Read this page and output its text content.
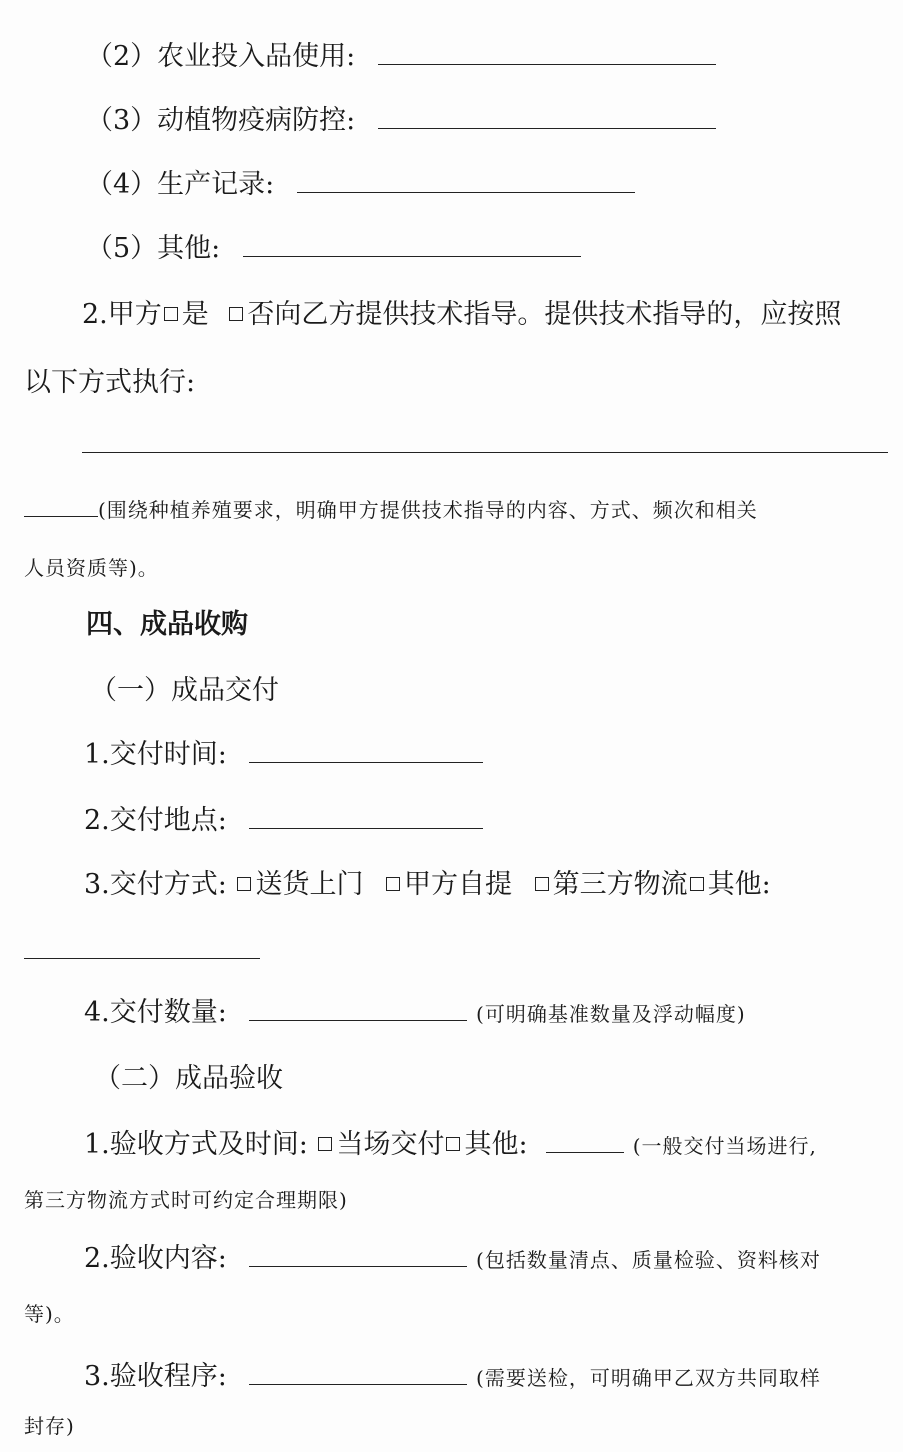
（2）农业投入品使用:
（3）动植物疫病防控:
（4）生产记录:
（5）其他:
2.甲方 是 否向乙方提供技术指导。提供技术指导的，应按照
以下方式执行:
(围绕种植养殖要求，明确甲方提供技术指导的内容、方式、频次和相关
人员资质等)。
四、成品收购
（一）成品交付
1.交付时间:
2.交付地点:
3.交付方式: 送货上门 甲方自提 第三方物流 其他:
4.交付数量:	(可明确基准数量及浮动幅度)
（二）成品验收
1.验收方式及时间: 当场交付 其他:	(一般交付当场进行,
第三方物流方式时可约定合理期限)
2.验收内容:	(包括数量清点、质量检验、资料核对
等)。
3.验收程序:	(需要送检，可明确甲乙双方共同取样
封存)
